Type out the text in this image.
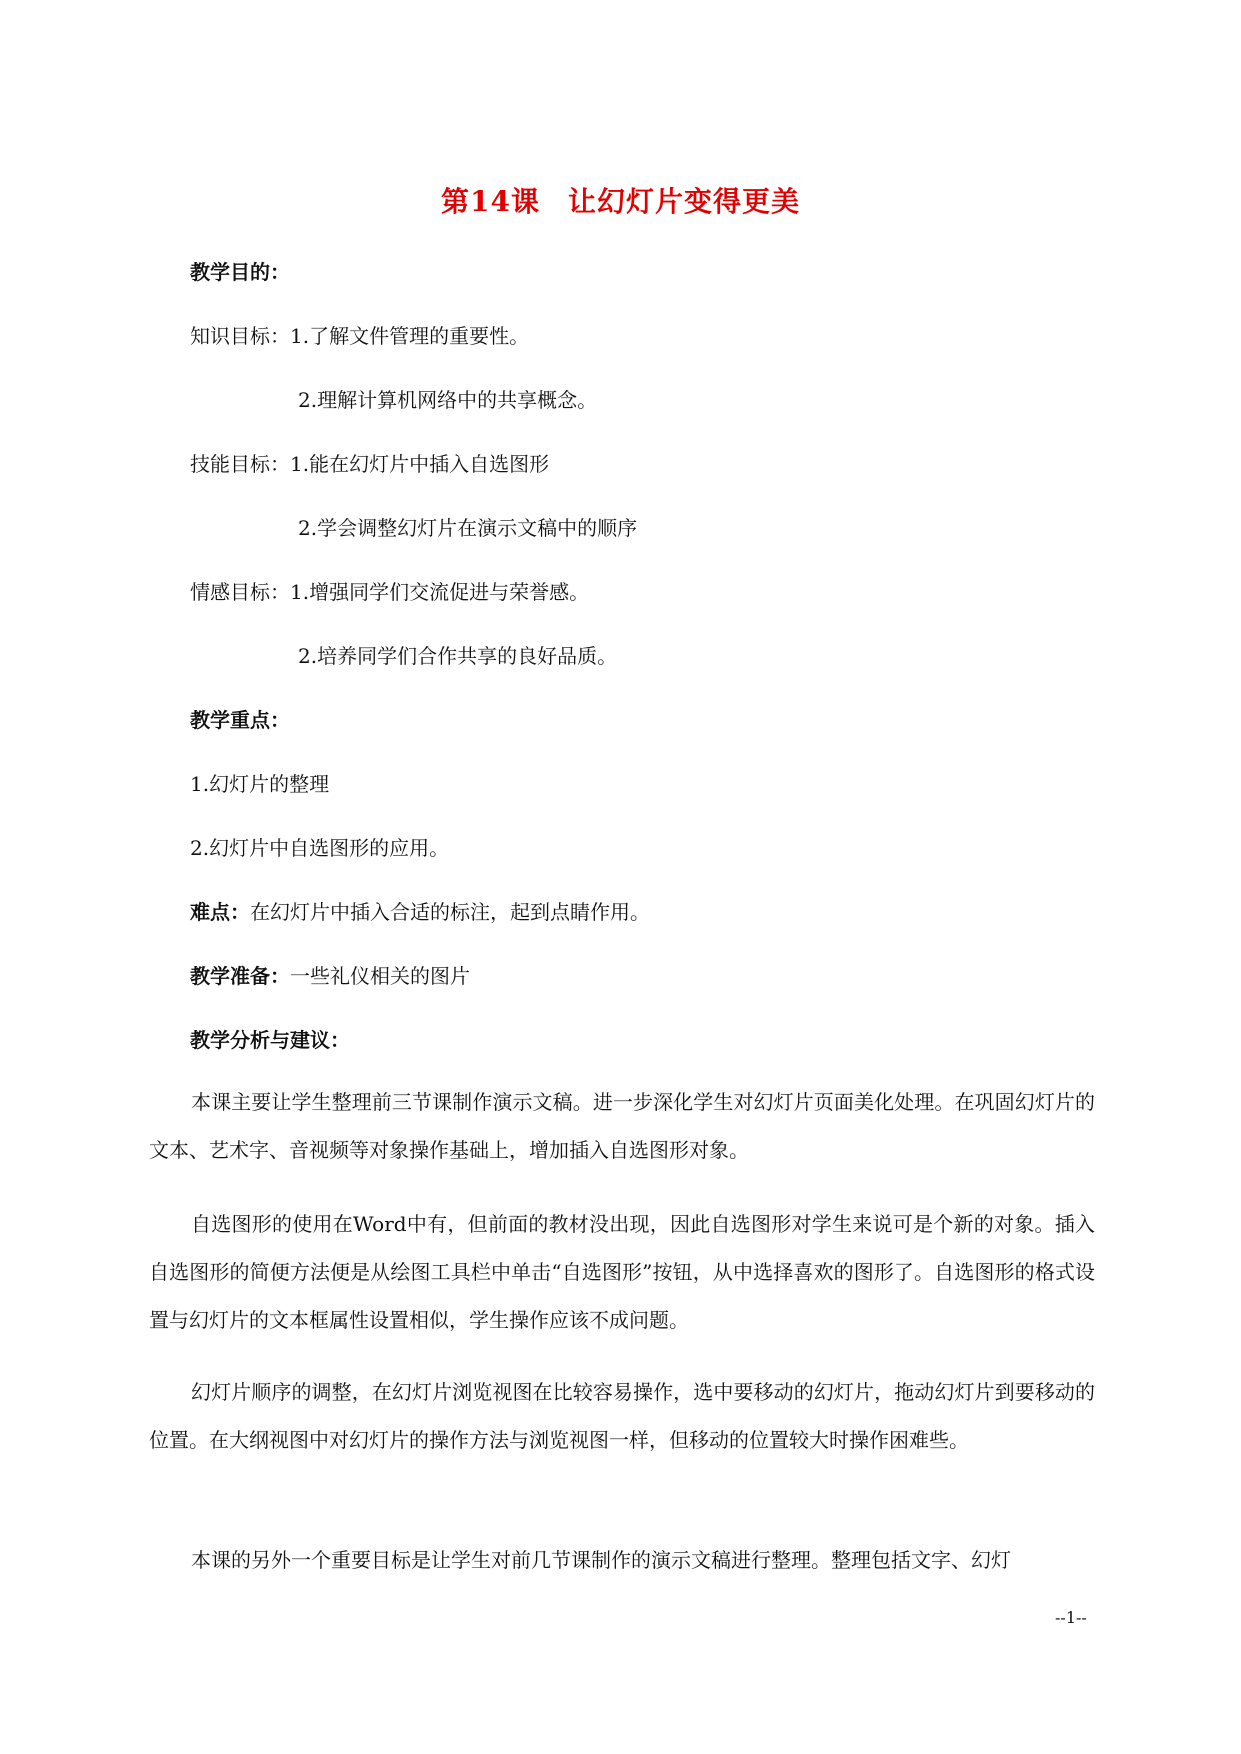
第14课 让幻灯片变得更美
教学目的：
知识目标：1.了解文件管理的重要性。
2.理解计算机网络中的共享概念。
技能目标：1.能在幻灯片中插入自选图形
2.学会调整幻灯片在演示文稿中的顺序
情感目标：1.增强同学们交流促进与荣誉感。
2.培养同学们合作共享的良好品质。
教学重点：
1.幻灯片的整理
2.幻灯片中自选图形的应用。
难点：在幻灯片中插入合适的标注，起到点睛作用。
教学准备：一些礼仪相关的图片
教学分析与建议：
本课主要让学生整理前三节课制作演示文稿。进一步深化学生对幻灯片页面美化处理。在巩固幻灯片的文本、艺术字、音视频等对象操作基础上，增加插入自选图形对象。
自选图形的使用在Word中有，但前面的教材没出现，因此自选图形对学生来说可是个新的对象。插入自选图形的简便方法便是从绘图工具栏中单击“自选图形”按钮，从中选择喜欢的图形了。自选图形的格式设置与幻灯片的文本框属性设置相似，学生操作应该不成问题。
幻灯片顺序的调整，在幻灯片浏览视图在比较容易操作，选中要移动的幻灯片，拖动幻灯片到要移动的位置。在大纲视图中对幻灯片的操作方法与浏览视图一样，但移动的位置较大时操作困难些。
本课的另外一个重要目标是让学生对前几节课制作的演示文稿进行整理。整理包括文字、幻灯
--1--
